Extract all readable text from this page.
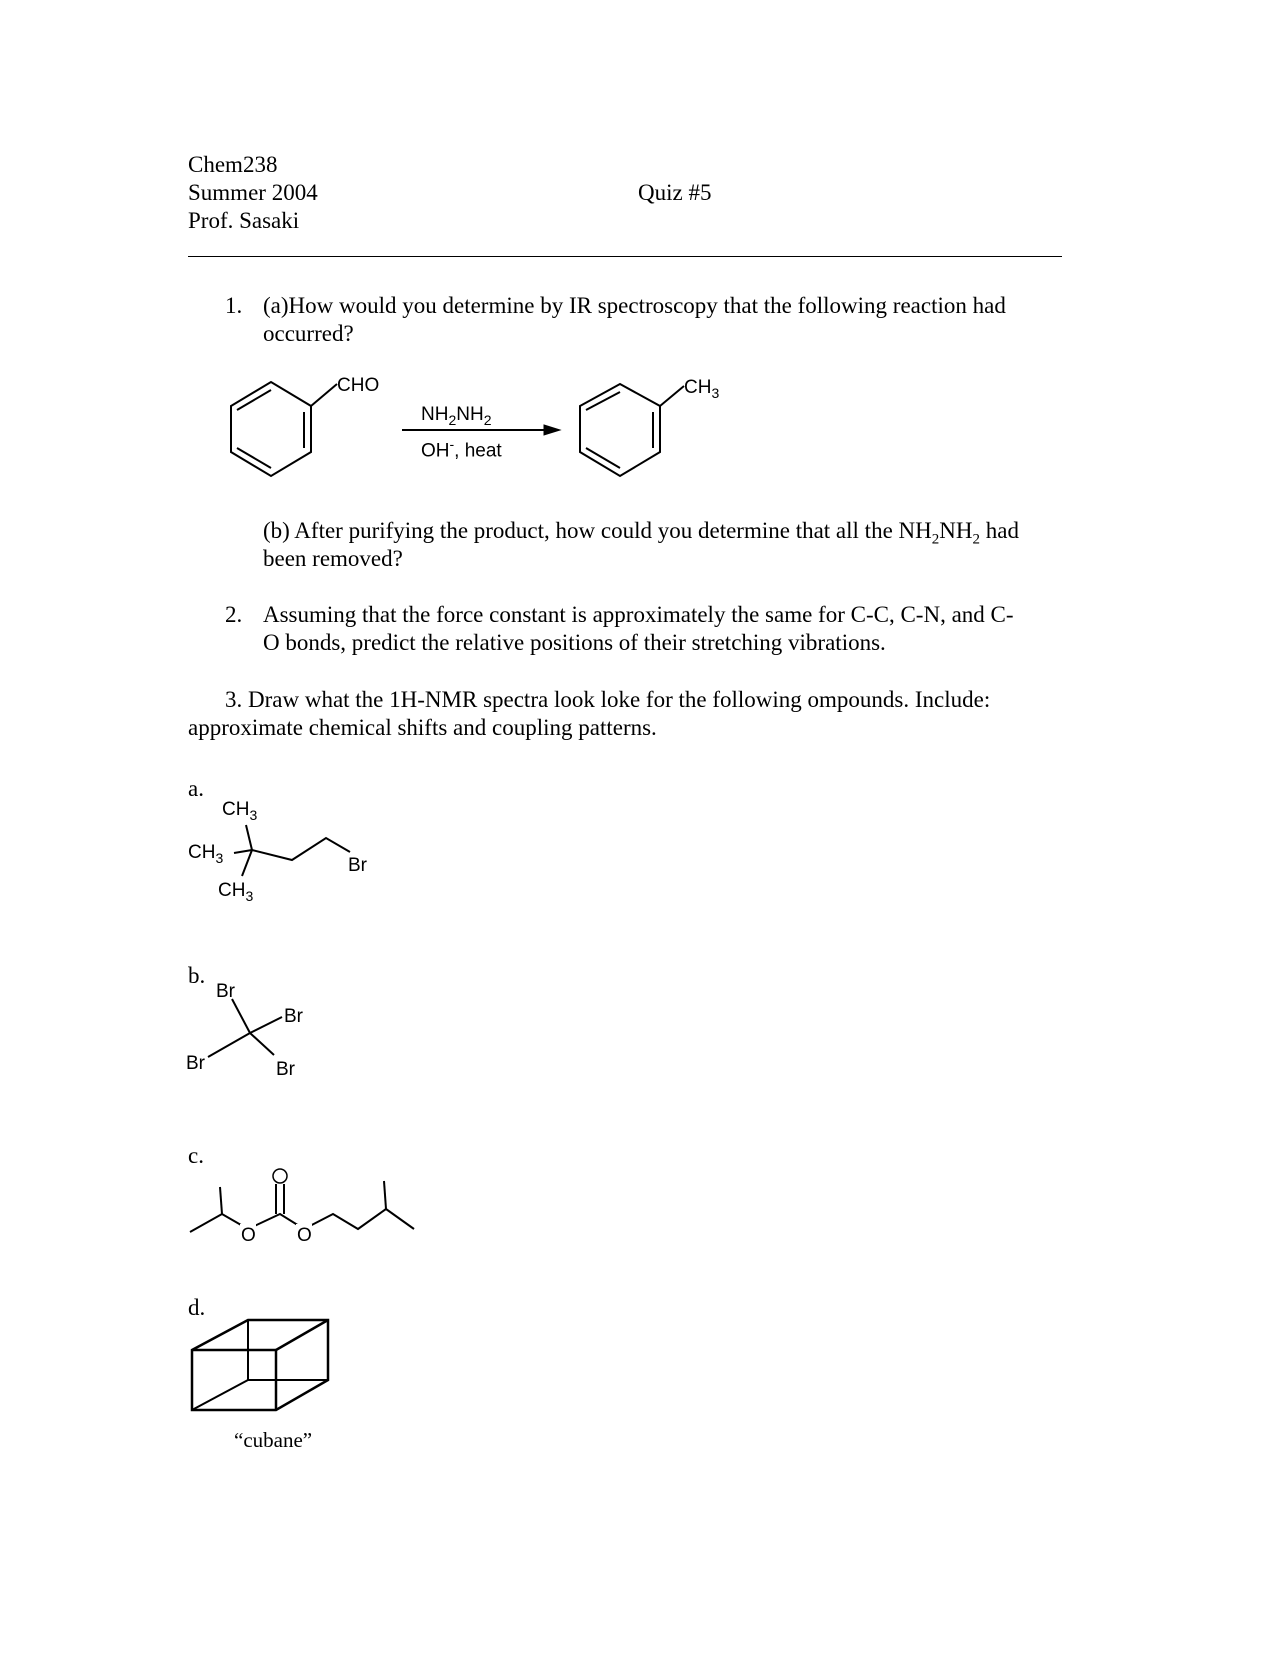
Chem238
Summer 2004
Prof. Sasaki
Quiz #5
1. (a)How would you determine by IR spectroscopy that the following reaction had
occurred?
CHO
$NH_2NH_2$
OH-, heat
$CH_3$
(b) After purifying the product, how could you determine that all the $NH_2NH_2$ had
been removed?
2. Assuming that the force constant is approximately the same for C-C, C-N, and C-
O bonds, predict the relative positions of their stretching vibrations.
3. Draw what the 1H-NMR spectra look loke for the following ompounds. Include:
approximate chemical shifts and coupling patterns.
a.
$CH_3$
$CH_3$
$CH_3$
Br
b.
Br
Br
Br	Br
c.
O O
d.
“cubane”
